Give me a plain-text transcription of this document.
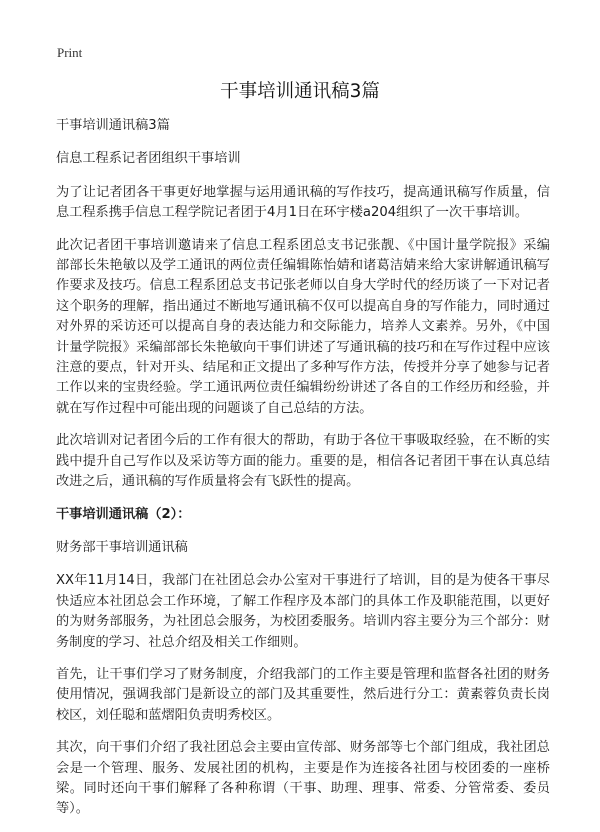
Print
干事培训通讯稿3篇

干事培训通讯稿3篇

信息工程系记者团组织干事培训

为了让记者团各干事更好地掌握与运用通讯稿的写作技巧，提高通讯稿写作质量，信息工程系携手信息工程学院记者团于4月1日在环宇楼a204组织了一次干事培训。

此次记者团干事培训邀请来了信息工程系团总支书记张靓、《中国计量学院报》采编部部长朱艳敏以及学工通讯的两位责任编辑陈怡婧和诸葛洁婧来给大家讲解通讯稿写作要求及技巧。信息工程系团总支书记张老师以自身大学时代的经历谈了一下对记者这个职务的理解，指出通过不断地写通讯稿不仅可以提高自身的写作能力，同时通过对外界的采访还可以提高自身的表达能力和交际能力，培养人文素养。另外，《中国计量学院报》采编部部长朱艳敏向干事们讲述了写通讯稿的技巧和在写作过程中应该注意的要点，针对开头、结尾和正文提出了多种写作方法，传授并分享了她参与记者工作以来的宝贵经验。学工通讯两位责任编辑纷纷讲述了各自的工作经历和经验，并就在写作过程中可能出现的问题谈了自己总结的方法。

此次培训对记者团今后的工作有很大的帮助，有助于各位干事吸取经验，在不断的实践中提升自己写作以及采访等方面的能力。重要的是，相信各记者团干事在认真总结改进之后，通讯稿的写作质量将会有飞跃性的提高。

干事培训通讯稿（2）：

财务部干事培训通讯稿

XX年11月14日，我部门在社团总会办公室对干事进行了培训，目的是为使各干事尽快适应本社团总会工作环境，了解工作程序及本部门的具体工作及职能范围，以更好的为财务部服务，为社团总会服务，为校团委服务。培训内容主要分为三个部分：财务制度的学习、社总介绍及相关工作细则。

首先，让干事们学习了财务制度，介绍我部门的工作主要是管理和监督各社团的财务使用情况，强调我部门是新设立的部门及其重要性，然后进行分工：黄素蓉负责长岗校区，刘任聪和蓝熠阳负责明秀校区。

其次，向干事们介绍了我社团总会主要由宣传部、财务部等七个部门组成，我社团总会是一个管理、服务、发展社团的机构，主要是作为连接各社团与校团委的一座桥梁。同时还向干事们解释了各种称谓（干事、助理、理事、常委、分管常委、委员等）。
